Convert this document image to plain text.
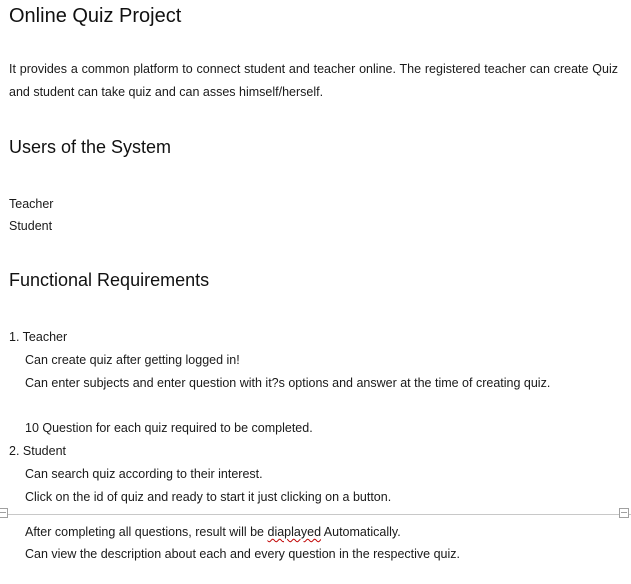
Online Quiz Project

It provides a common platform to connect student and teacher online. The registered teacher can create Quiz and student can take quiz and can asses himself/herself.

Users of the System
Teacher
Student
Functional Requirements
1. Teacher
Can create quiz after getting logged in!
Can enter subjects and enter question with it?s options and answer at the time of creating quiz.
10 Question for each quiz required to be completed.
2. Student
Can search quiz according to their interest.
Click on the id of quiz and ready to start it just clicking on a button.
After completing all questions, result will be diaplayed Automatically.
Can view the description about each and every question in the respective quiz.
